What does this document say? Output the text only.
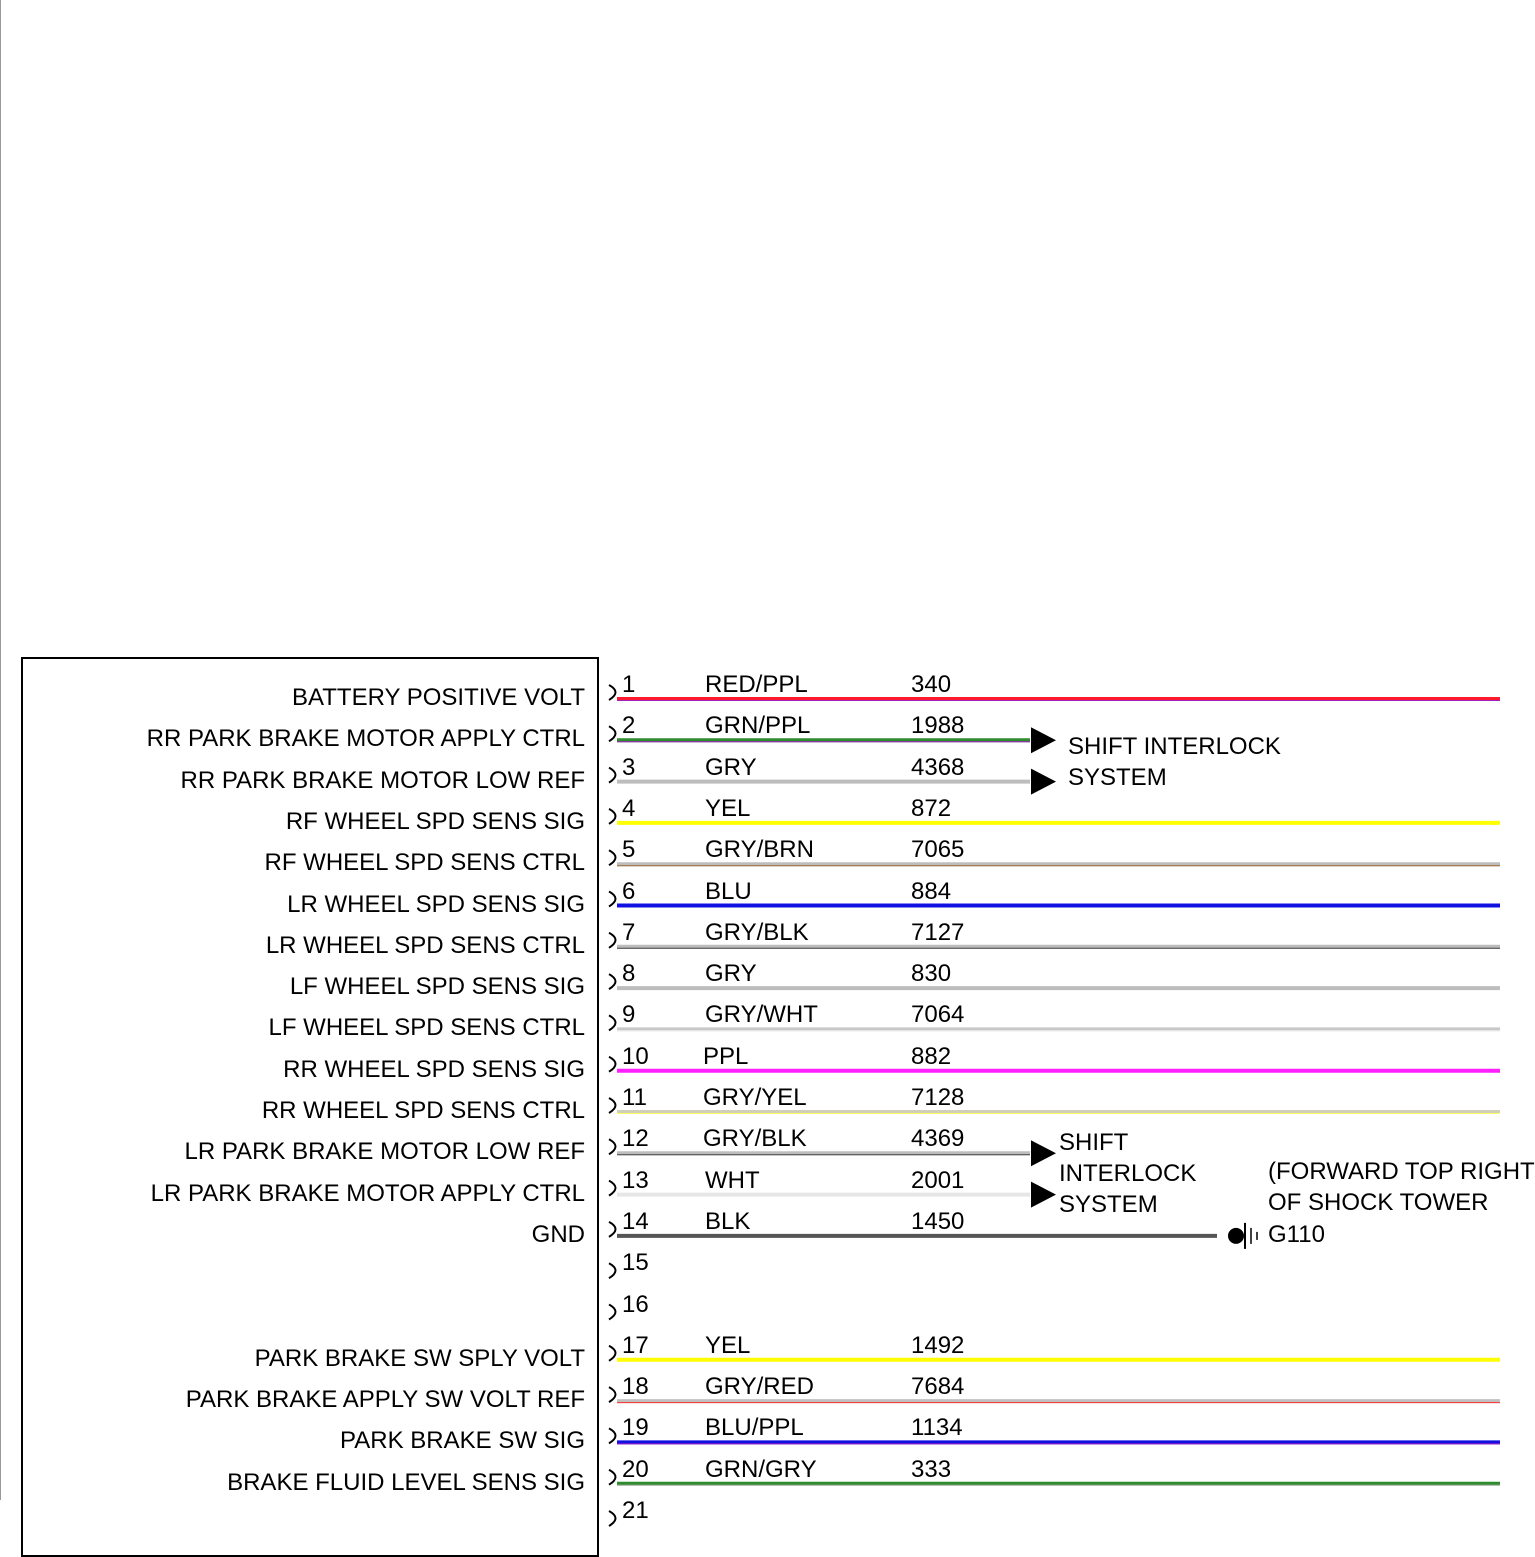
1
BATTERY POSITIVE VOLT	RED/PPL	340
2
RR PARK BRAKE MOTOR APPLY CTRL	GRN/PPL	1988
3
RR PARK BRAKE MOTOR LOW REF	GRY	4368
4
RF WHEEL SPD SENS SIG	YEL	872
5
RF WHEEL SPD SENS CTRL	GRY/BRN	7065
6
LR WHEEL SPD SENS SIG	BLU	884
7
LR WHEEL SPD SENS CTRL	GRY/BLK	7127
8
LF WHEEL SPD SENS SIG	GRY	830
9
LF WHEEL SPD SENS CTRL	GRY/WHT	7064
10
RR WHEEL SPD SENS SIG	PPL	882
11
RR WHEEL SPD SENS CTRL	GRY/YEL	7128
12
LR PARK BRAKE MOTOR LOW REF	GRY/BLK	4369
13
LR PARK BRAKE MOTOR APPLY CTRL	WHT	2001
14
GND	BLK	1450
(FORWARD TOP RIGHT
OF SHOCK TOWER
G110
15
16
17
PARK BRAKE SW SPLY VOLT	YEL	1492
18
PARK BRAKE APPLY SW VOLT REF	GRY/RED	7684
19
PARK BRAKE SW SIG	BLU/PPL	1134
20
BRAKE FLUID LEVEL SENS SIG	GRN/GRY	333
21
SHIFT INTERLOCK
SYSTEM
SHIFT
INTERLOCK
SYSTEM
